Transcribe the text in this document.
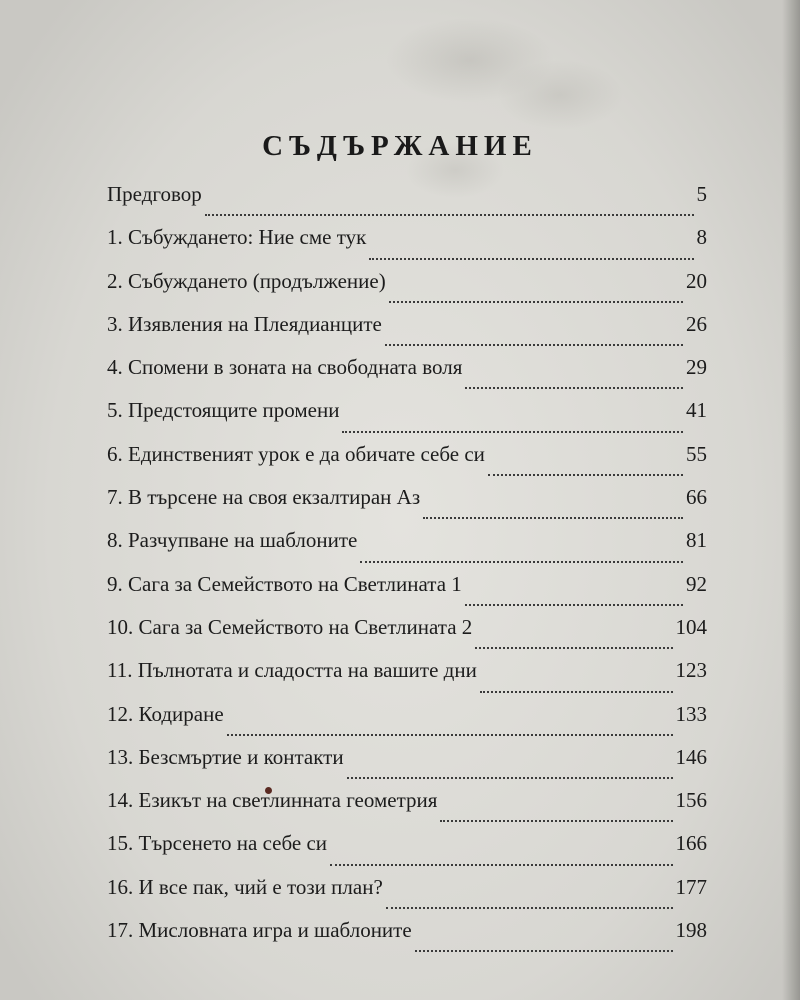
СЪДЪРЖАНИЕ
Предговор	5
1. Събуждането: Ние сме тук	8
2. Събуждането (продължение)	20
3. Изявления на Плеядианците	26
4. Спомени в зоната на свободната воля	29
5. Предстоящите промени	41
6. Единственият урок е да обичате себе си	55
7. В търсене на своя екзалтиран Аз	66
8. Разчупване на шаблоните	81
9. Сага за Семейството на Светлината 1	92
10. Сага за Семейството на Светлината 2	104
11. Пълнотата и сладостта на вашите дни	123
12. Кодиране	133
13. Безсмъртие и контакти	146
14. Езикът на светлинната геометрия	156
15. Търсенето на себе си	166
16. И все пак, чий е този план?	177
17. Мисловната игра и шаблоните	198
